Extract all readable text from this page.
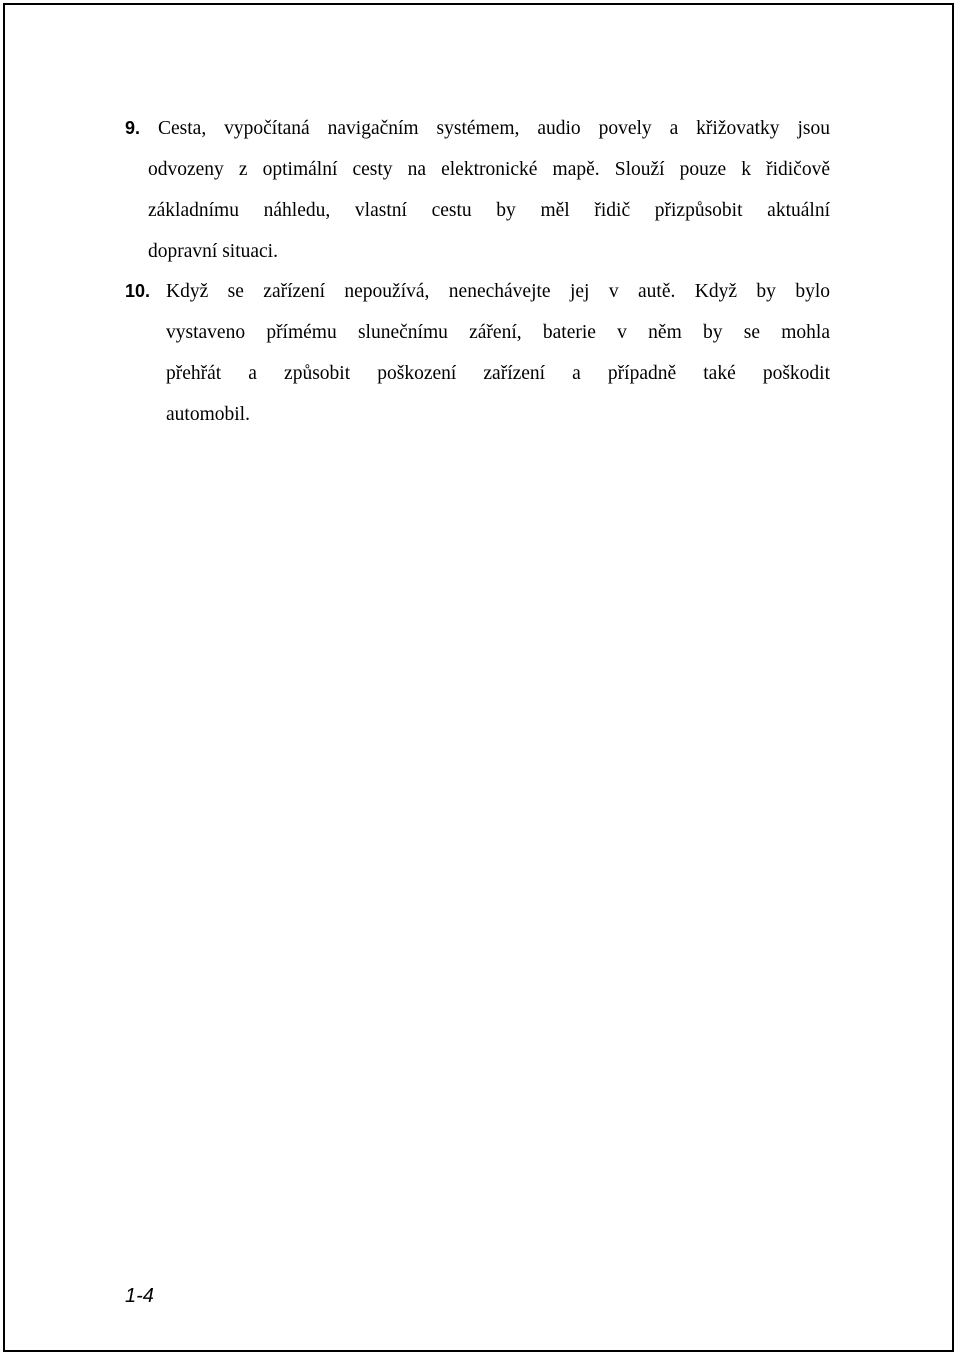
9. Cesta, vypočítaná navigačním systémem, audio povely a křižovatky jsou
odvozeny z optimální cesty na elektronické mapě. Slouží pouze k řidičově
základnímu náhledu, vlastní cestu by měl řidič přizpůsobit aktuální
dopravní situaci.
10. Když se zařízení nepoužívá, nenechávejte jej v autě. Když by bylo
vystaveno přímému slunečnímu záření, baterie v něm by se mohla
přehřát a způsobit poškození zařízení a případně také poškodit
automobil.
1-4
